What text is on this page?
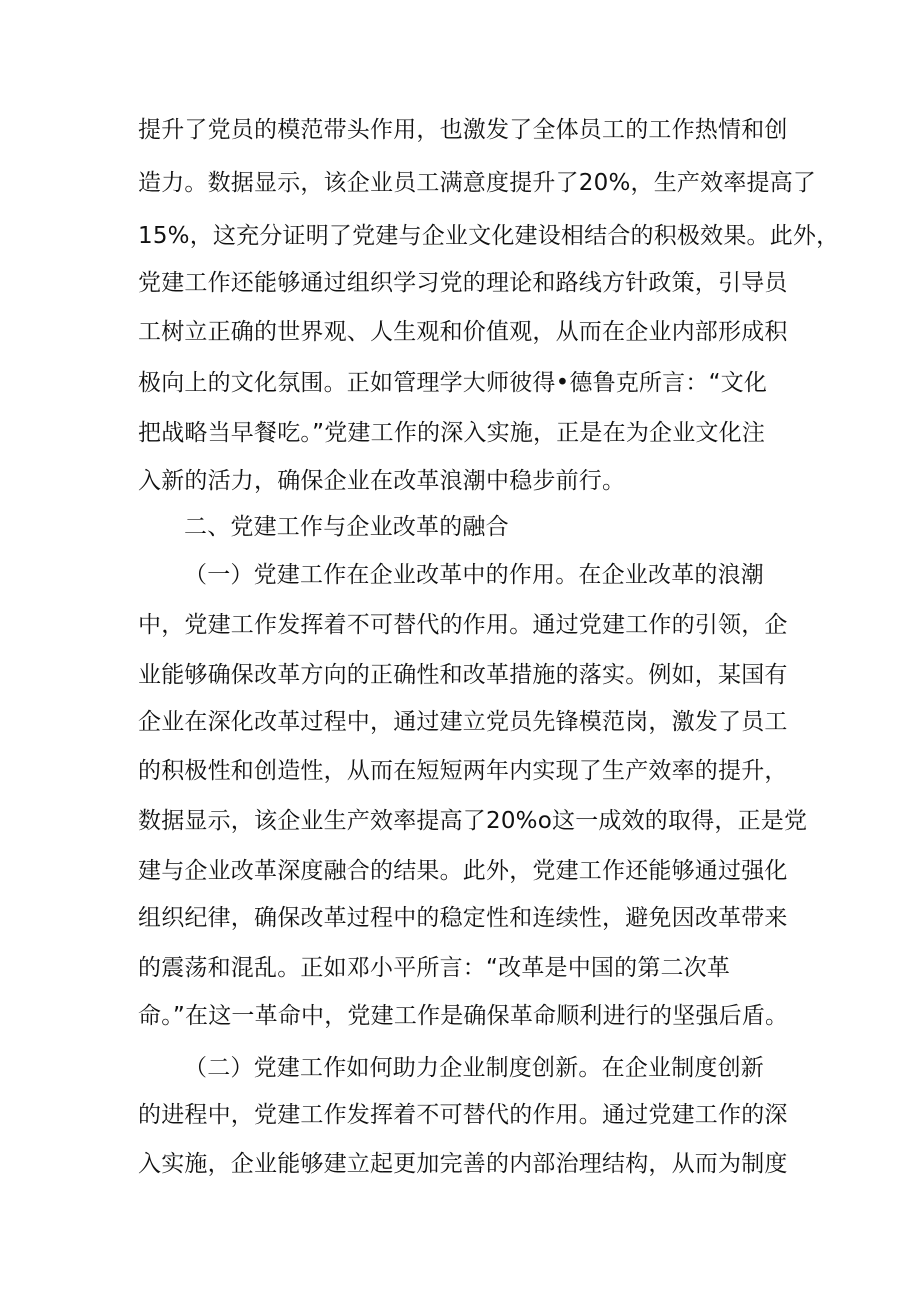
提升了党员的模范带头作用，也激发了全体员工的工作热情和创
造力。数据显示，该企业员工满意度提升了20%，生产效率提高了
15%，这充分证明了党建与企业文化建设相结合的积极效果。此外，
党建工作还能够通过组织学习党的理论和路线方针政策，引导员
工树立正确的世界观、人生观和价值观，从而在企业内部形成积
极向上的文化氛围。正如管理学大师彼得•德鲁克所言：“文化
把战略当早餐吃。”党建工作的深入实施，正是在为企业文化注
入新的活力，确保企业在改革浪潮中稳步前行。
二、党建工作与企业改革的融合
（一）党建工作在企业改革中的作用。在企业改革的浪潮
中，党建工作发挥着不可替代的作用。通过党建工作的引领，企
业能够确保改革方向的正确性和改革措施的落实。例如，某国有
企业在深化改革过程中，通过建立党员先锋模范岗，激发了员工
的积极性和创造性，从而在短短两年内实现了生产效率的提升，
数据显示，该企业生产效率提高了20%o这一成效的取得，正是党
建与企业改革深度融合的结果。此外，党建工作还能够通过强化
组织纪律，确保改革过程中的稳定性和连续性，避免因改革带来
的震荡和混乱。正如邓小平所言：“改革是中国的第二次革
命。”在这一革命中，党建工作是确保革命顺利进行的坚强后盾。
（二）党建工作如何助力企业制度创新。在企业制度创新
的进程中，党建工作发挥着不可替代的作用。通过党建工作的深
入实施，企业能够建立起更加完善的内部治理结构，从而为制度
